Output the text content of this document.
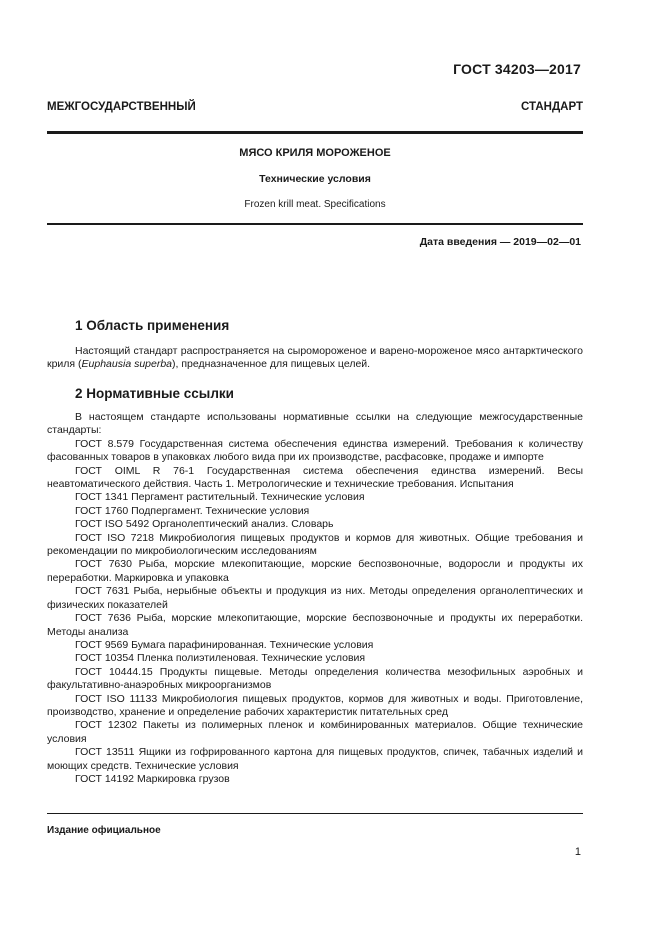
ГОСТ 34203—2017
МЕЖГОСУДАРСТВЕННЫЙ СТАНДАРТ
МЯСО КРИЛЯ МОРОЖЕНОЕ
Технические условия
Frozen krill meat. Specifications
Дата введения — 2019—02—01
1 Область применения

Настоящий стандарт распространяется на сыромороженое и варено-мороженое мясо антарктического криля (Euphausia superba), предназначенное для пищевых целей.

2 Нормативные ссылки

В настоящем стандарте использованы нормативные ссылки на следующие межгосударственные стандарты:

ГОСТ 8.579 Государственная система обеспечения единства измерений. Требования к количеству фасованных товаров в упаковках любого вида при их производстве, расфасовке, продаже и импорте

ГОСТ OIML R 76-1 Государственная система обеспечения единства измерений. Весы неавтоматического действия. Часть 1. Метрологические и технические требования. Испытания

ГОСТ 1341 Пергамент растительный. Технические условия

ГОСТ 1760 Подпергамент. Технические условия

ГОСТ ISO 5492 Органолептический анализ. Словарь

ГОСТ ISO 7218 Микробиология пищевых продуктов и кормов для животных. Общие требования и рекомендации по микробиологическим исследованиям

ГОСТ 7630 Рыба, морские млекопитающие, морские беспозвоночные, водоросли и продукты их переработки. Маркировка и упаковка

ГОСТ 7631 Рыба, нерыбные объекты и продукция из них. Методы определения органолептических и физических показателей

ГОСТ 7636 Рыба, морские млекопитающие, морские беспозвоночные и продукты их переработки. Методы анализа

ГОСТ 9569 Бумага парафинированная. Технические условия

ГОСТ 10354 Пленка полиэтиленовая. Технические условия

ГОСТ 10444.15 Продукты пищевые. Методы определения количества мезофильных аэробных и факультативно-анаэробных микроорганизмов

ГОСТ ISO 11133 Микробиология пищевых продуктов, кормов для животных и воды. Приготовление, производство, хранение и определение рабочих характеристик питательных сред

ГОСТ 12302 Пакеты из полимерных пленок и комбинированных материалов. Общие технические условия

ГОСТ 13511 Ящики из гофрированного картона для пищевых продуктов, спичек, табачных изделий и моющих средств. Технические условия

ГОСТ 14192 Маркировка грузов

Издание официальное
1
